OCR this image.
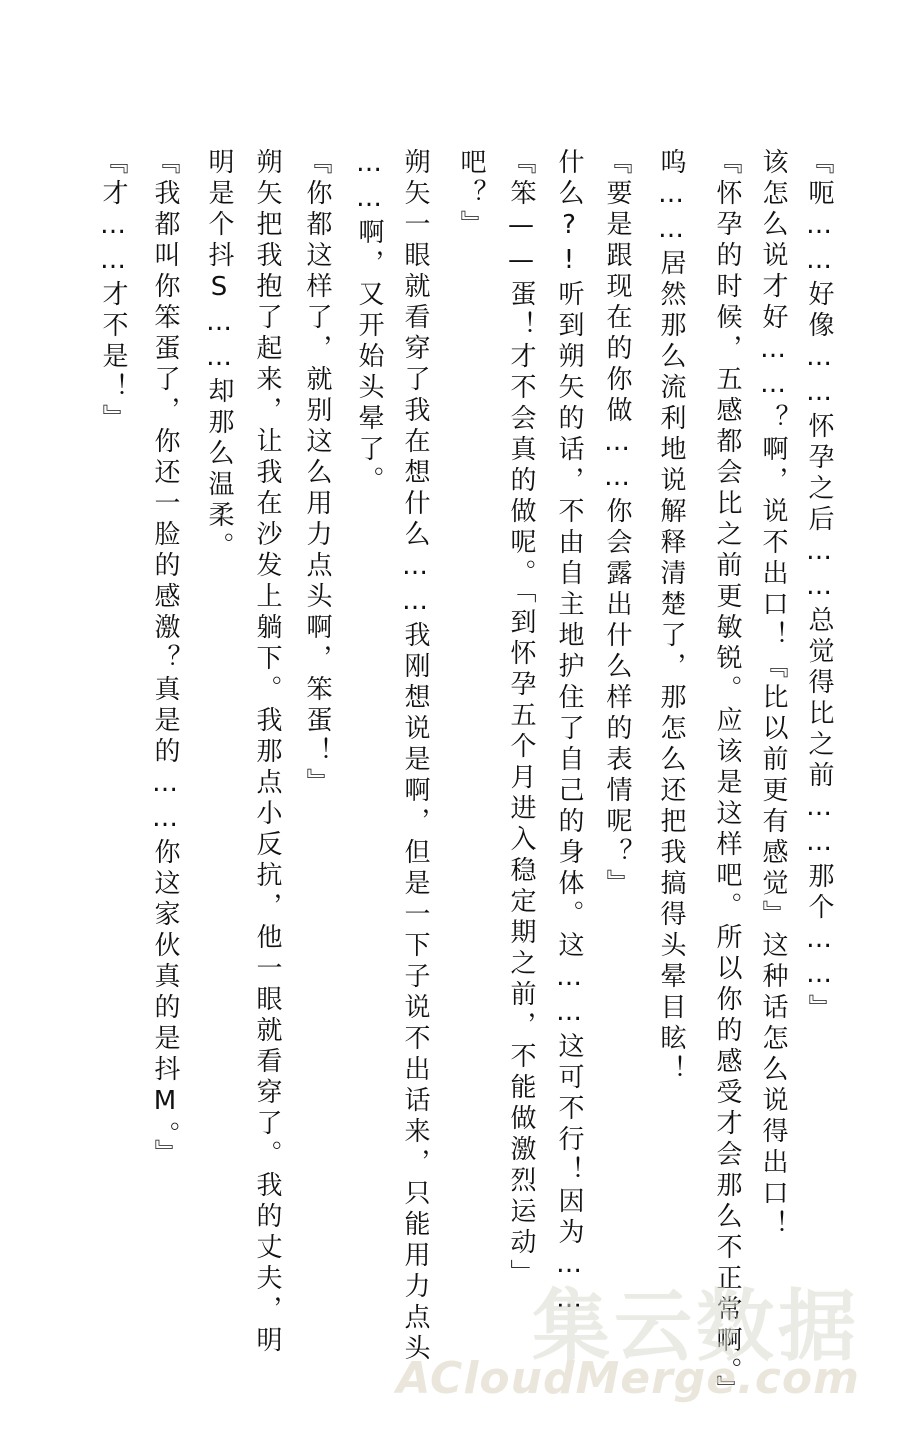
『呃……好像……怀孕之后……总觉得比之前……那个……』
该怎么说才好……？啊，说不出口！『比以前更有感觉』这种话怎么说得出口！
『怀孕的时候，五感都会比之前更敏锐。应该是这样吧。所以你的感受才会那么不正常啊。』
呜……居然那么流利地说解释清楚了，那怎么还把我搞得头晕目眩！
『要是跟现在的你做……你会露出什么样的表情呢？』
什么?!听到朔矢的话，不由自主地护住了自己的身体。这……这可不行！因为……
『笨——蛋！才不会真的做呢。「到怀孕五个月进入稳定期之前，不能做激烈运动」
吧？』
朔矢一眼就看穿了我在想什么……我刚想说是啊，但是一下子说不出话来，只能用力点头
……啊，又开始头晕了。
『你都这样了，就别这么用力点头啊，笨蛋！』
朔矢把我抱了起来，让我在沙发上躺下。我那点小反抗，他一眼就看穿了。我的丈夫，明
明是个抖S……却那么温柔。
『我都叫你笨蛋了，你还一脸的感激？真是的……你这家伙真的是抖M。』
『才……才不是！』
集云数据
ACloudMerge.com
